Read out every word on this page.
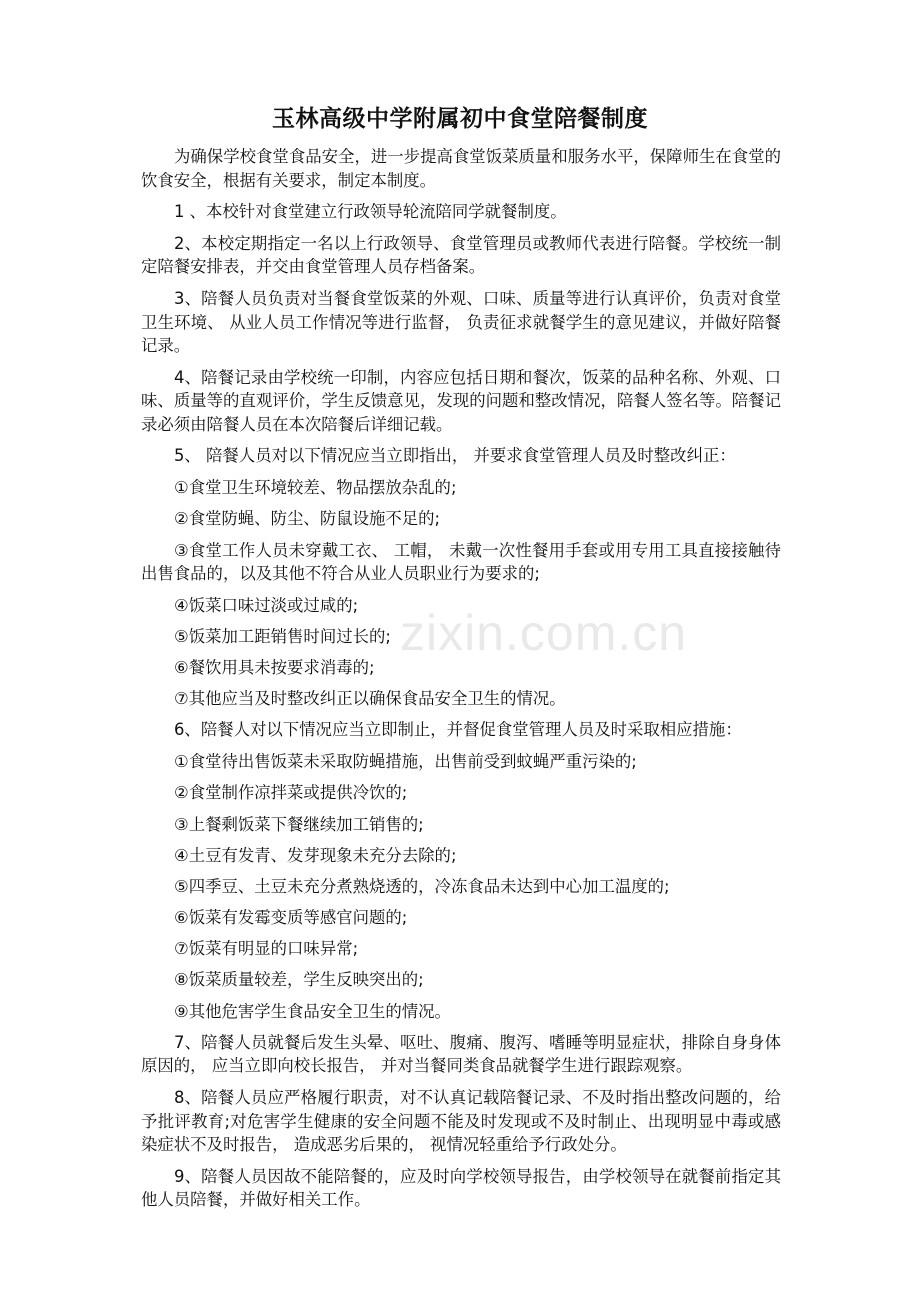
玉林高级中学附属初中食堂陪餐制度

为确保学校食堂食品安全，进一步提高食堂饭菜质量和服务水平，保障师生在食堂的饮食安全，根据有关要求，制定本制度。

1 、本校针对食堂建立行政领导轮流陪同学就餐制度。

2、本校定期指定一名以上行政领导、食堂管理员或教师代表进行陪餐。学校统一制定陪餐安排表，并交由食堂管理人员存档备案。

3、陪餐人员负责对当餐食堂饭菜的外观、口味、质量等进行认真评价，负责对食堂卫生环境、 从业人员工作情况等进行监督， 负责征求就餐学生的意见建议，并做好陪餐记录。

4、陪餐记录由学校统一印制，内容应包括日期和餐次，饭菜的品种名称、外观、口味、质量等的直观评价，学生反馈意见，发现的问题和整改情况，陪餐人签名等。陪餐记录必须由陪餐人员在本次陪餐后详细记载。

5、 陪餐人员对以下情况应当立即指出， 并要求食堂管理人员及时整改纠正：

①食堂卫生环境较差、物品摆放杂乱的;

②食堂防蝇、防尘、防鼠设施不足的;

③食堂工作人员未穿戴工衣、 工帽， 未戴一次性餐用手套或用专用工具直接接触待出售食品的，以及其他不符合从业人员职业行为要求的;

④饭菜口味过淡或过咸的;

⑤饭菜加工距销售时间过长的;

⑥餐饮用具未按要求消毒的;

⑦其他应当及时整改纠正以确保食品安全卫生的情况。

6、陪餐人对以下情况应当立即制止，并督促食堂管理人员及时采取相应措施：

①食堂待出售饭菜未采取防蝇措施，出售前受到蚊蝇严重污染的;

②食堂制作凉拌菜或提供冷饮的;

③上餐剩饭菜下餐继续加工销售的;

④土豆有发青、发芽现象未充分去除的;

⑤四季豆、土豆未充分煮熟烧透的，冷冻食品未达到中心加工温度的;

⑥饭菜有发霉变质等感官问题的;

⑦饭菜有明显的口味异常;

⑧饭菜质量较差，学生反映突出的;

⑨其他危害学生食品安全卫生的情况。

7、陪餐人员就餐后发生头晕、呕吐、腹痛、腹泻、嗜睡等明显症状，排除自身身体原因的， 应当立即向校长报告， 并对当餐同类食品就餐学生进行跟踪观察。

8、陪餐人员应严格履行职责，对不认真记载陪餐记录、不及时指出整改问题的，给予批评教育;对危害学生健康的安全问题不能及时发现或不及时制止、出现明显中毒或感染症状不及时报告， 造成恶劣后果的， 视情况轻重给予行政处分。

9、陪餐人员因故不能陪餐的，应及时向学校领导报告，由学校领导在就餐前指定其他人员陪餐，并做好相关工作。

zixin.com.cn
